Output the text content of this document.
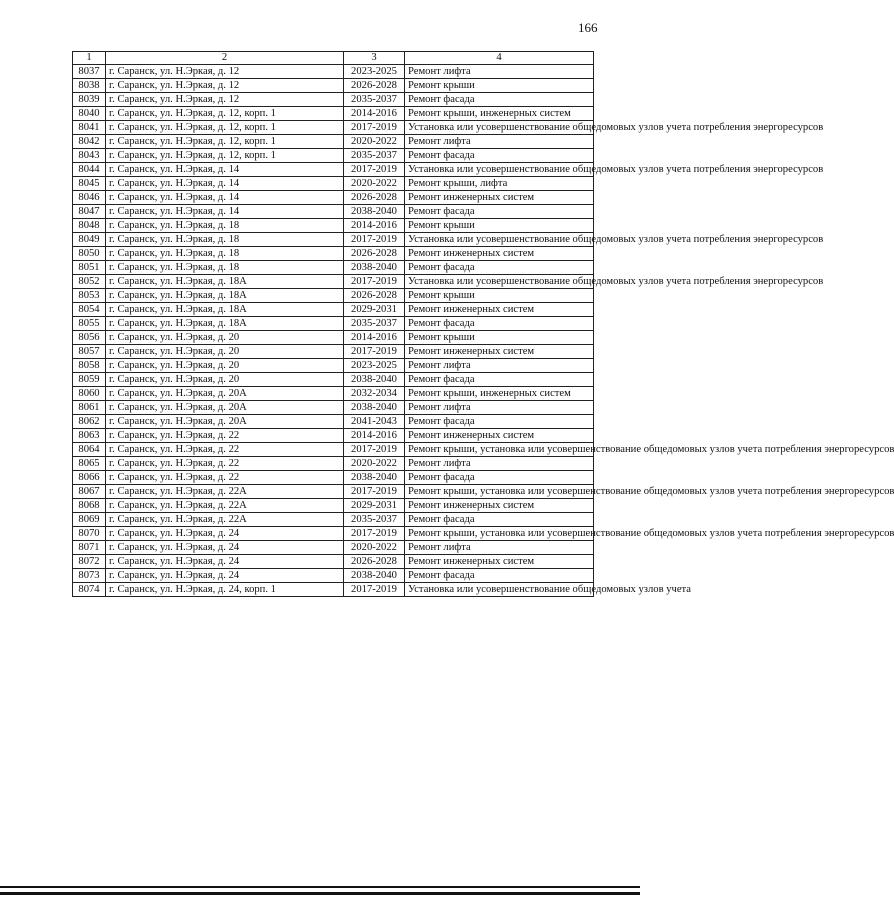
166
1	2	3	4
8037	г. Саранск, ул. Н.Эркая, д. 12	2023-2025	Ремонт лифта
8038	г. Саранск, ул. Н.Эркая, д. 12	2026-2028	Ремонт крыши
8039	г. Саранск, ул. Н.Эркая, д. 12	2035-2037	Ремонт фасада
8040	г. Саранск, ул. Н.Эркая, д. 12, корп. 1	2014-2016	Ремонт крыши, инженерных систем
8041	г. Саранск, ул. Н.Эркая, д. 12, корп. 1	2017-2019	Установка или усовершенствование общедомовых узлов учета потребления энергоресурсов
8042	г. Саранск, ул. Н.Эркая, д. 12, корп. 1	2020-2022	Ремонт лифта
8043	г. Саранск, ул. Н.Эркая, д. 12, корп. 1	2035-2037	Ремонт фасада
8044	г. Саранск, ул. Н.Эркая, д. 14	2017-2019	Установка или усовершенствование общедомовых узлов учета потребления энергоресурсов
8045	г. Саранск, ул. Н.Эркая, д. 14	2020-2022	Ремонт крыши, лифта
8046	г. Саранск, ул. Н.Эркая, д. 14	2026-2028	Ремонт инженерных систем
8047	г. Саранск, ул. Н.Эркая, д. 14	2038-2040	Ремонт фасада
8048	г. Саранск, ул. Н.Эркая, д. 18	2014-2016	Ремонт крыши
8049	г. Саранск, ул. Н.Эркая, д. 18	2017-2019	Установка или усовершенствование общедомовых узлов учета потребления энергоресурсов
8050	г. Саранск, ул. Н.Эркая, д. 18	2026-2028	Ремонт инженерных систем
8051	г. Саранск, ул. Н.Эркая, д. 18	2038-2040	Ремонт фасада
8052	г. Саранск, ул. Н.Эркая, д. 18А	2017-2019	Установка или усовершенствование общедомовых узлов учета потребления энергоресурсов
8053	г. Саранск, ул. Н.Эркая, д. 18А	2026-2028	Ремонт крыши
8054	г. Саранск, ул. Н.Эркая, д. 18А	2029-2031	Ремонт инженерных систем
8055	г. Саранск, ул. Н.Эркая, д. 18А	2035-2037	Ремонт фасада
8056	г. Саранск, ул. Н.Эркая, д. 20	2014-2016	Ремонт крыши
8057	г. Саранск, ул. Н.Эркая, д. 20	2017-2019	Ремонт инженерных систем
8058	г. Саранск, ул. Н.Эркая, д. 20	2023-2025	Ремонт лифта
8059	г. Саранск, ул. Н.Эркая, д. 20	2038-2040	Ремонт фасада
8060	г. Саранск, ул. Н.Эркая, д. 20А	2032-2034	Ремонт крыши, инженерных систем
8061	г. Саранск, ул. Н.Эркая, д. 20А	2038-2040	Ремонт лифта
8062	г. Саранск, ул. Н.Эркая, д. 20А	2041-2043	Ремонт фасада
8063	г. Саранск, ул. Н.Эркая, д. 22	2014-2016	Ремонт инженерных систем
8064	г. Саранск, ул. Н.Эркая, д. 22	2017-2019	Ремонт крыши, установка или усовершенствование общедомовых узлов учета потребления энергоресурсов
8065	г. Саранск, ул. Н.Эркая, д. 22	2020-2022	Ремонт лифта
8066	г. Саранск, ул. Н.Эркая, д. 22	2038-2040	Ремонт фасада
8067	г. Саранск, ул. Н.Эркая, д. 22А	2017-2019	Ремонт крыши, установка или усовершенствование общедомовых узлов учета потребления энергоресурсов
8068	г. Саранск, ул. Н.Эркая, д. 22А	2029-2031	Ремонт инженерных систем
8069	г. Саранск, ул. Н.Эркая, д. 22А	2035-2037	Ремонт фасада
8070	г. Саранск, ул. Н.Эркая, д. 24	2017-2019	Ремонт крыши, установка или усовершенствование общедомовых узлов учета потребления энергоресурсов
8071	г. Саранск, ул. Н.Эркая, д. 24	2020-2022	Ремонт лифта
8072	г. Саранск, ул. Н.Эркая, д. 24	2026-2028	Ремонт инженерных систем
8073	г. Саранск, ул. Н.Эркая, д. 24	2038-2040	Ремонт фасада
8074	г. Саранск, ул. Н.Эркая, д. 24, корп. 1	2017-2019	Установка или усовершенствование общедомовых узлов учета
